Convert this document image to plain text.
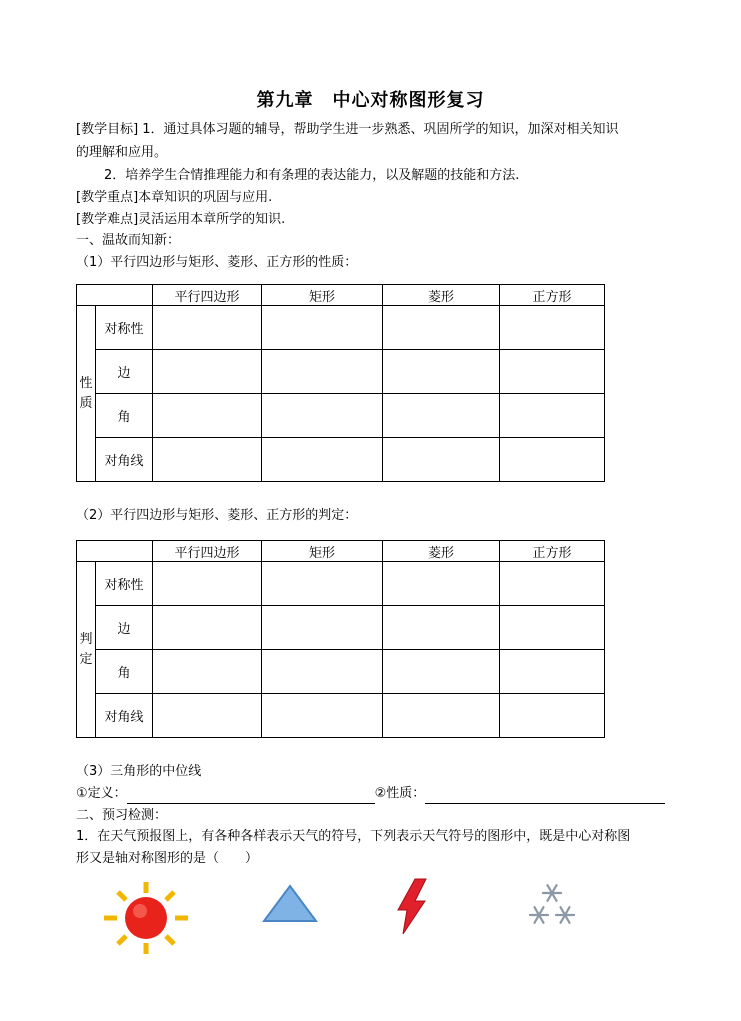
第九章　中心对称图形复习
[教学目标] 1．通过具体习题的辅导，帮助学生进一步熟悉、巩固所学的知识，加深对相关知识
的理解和应用。
2．培养学生合情推理能力和有条理的表达能力，以及解题的技能和方法.
[教学重点]本章知识的巩固与应用.
[教学难点]灵活运用本章所学的知识.
一、温故而知新：
（1）平行四边形与矩形、菱形、正方形的性质：
		平行四边形	矩形	菱形	正方形

性
质	对称性				
	边				
	角				
	对角线				
（2）平行四边形与矩形、菱形、正方形的判定：
		平行四边形	矩形	菱形	正方形

判
定	对称性				
	边				
	角				
	对角线				
（3）三角形的中位线
①定义：	②性质：
二、预习检测：
1．在天气预报图上，有各种各样表示天气的符号，下列表示天气符号的图形中，既是中心对称图
形又是轴对称图形的是（　　）
